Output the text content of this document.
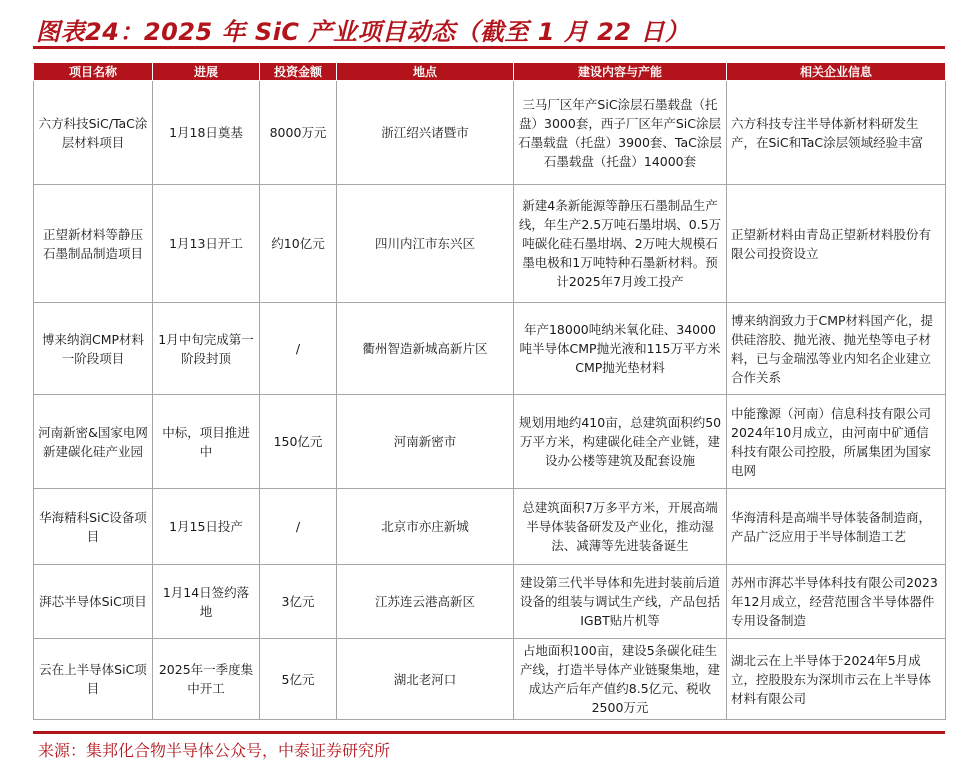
图表24：2025 年 SiC 产业项目动态（截至 1 月 22 日）
项目名称	进展	投资金额	地点	建设内容与产能	相关企业信息
六方科技SiC/TaC涂层材料项目	1月18日奠基	8000万元	浙江绍兴诸暨市	三马厂区年产SiC涂层石墨载盘（托盘）3000套，西子厂区年产SiC涂层石墨载盘（托盘）3900套、TaC涂层石墨载盘（托盘）14000套	六方科技专注半导体新材料研发生产，在SiC和TaC涂层领域经验丰富
正望新材料等静压石墨制品制造项目	1月13日开工	约10亿元	四川内江市东兴区	新建4条新能源等静压石墨制品生产线，年生产2.5万吨石墨坩埚、0.5万吨碳化硅石墨坩埚、2万吨大规模石墨电极和1万吨特种石墨新材料。预计2025年7月竣工投产	正望新材料由青岛正望新材料股份有限公司投资设立
博来纳润CMP材料一阶段项目	1月中旬完成第一阶段封顶	/	衢州智造新城高新片区	年产18000吨纳米氧化硅、34000吨半导体CMP抛光液和115万平方米CMP抛光垫材料	博来纳润致力于CMP材料国产化，提供硅溶胶、抛光液、抛光垫等电子材料，已与金瑞泓等业内知名企业建立合作关系
河南新密&国家电网新建碳化硅产业园	中标，项目推进中	150亿元	河南新密市	规划用地约410亩，总建筑面积约50万平方米，构建碳化硅全产业链，建设办公楼等建筑及配套设施	中能豫源（河南）信息科技有限公司2024年10月成立，由河南中矿通信科技有限公司控股，所属集团为国家电网
华海精科SiC设备项目	1月15日投产	/	北京市亦庄新城	总建筑面积7万多平方米，开展高端半导体装备研发及产业化，推动湿法、减薄等先进装备诞生	华海清科是高端半导体装备制造商，产品广泛应用于半导体制造工艺
湃芯半导体SiC项目	1月14日签约落地	3亿元	江苏连云港高新区	建设第三代半导体和先进封装前后道设备的组装与调试生产线，产品包括IGBT贴片机等	苏州市湃芯半导体科技有限公司2023年12月成立，经营范围含半导体器件专用设备制造
云在上半导体SiC项目	2025年一季度集中开工	5亿元	湖北老河口	占地面积100亩，建设5条碳化硅生产线，打造半导体产业链聚集地，建成达产后年产值约8.5亿元、税收2500万元	湖北云在上半导体于2024年5月成立，控股股东为深圳市云在上半导体材料有限公司
来源：集邦化合物半导体公众号，中泰证券研究所
